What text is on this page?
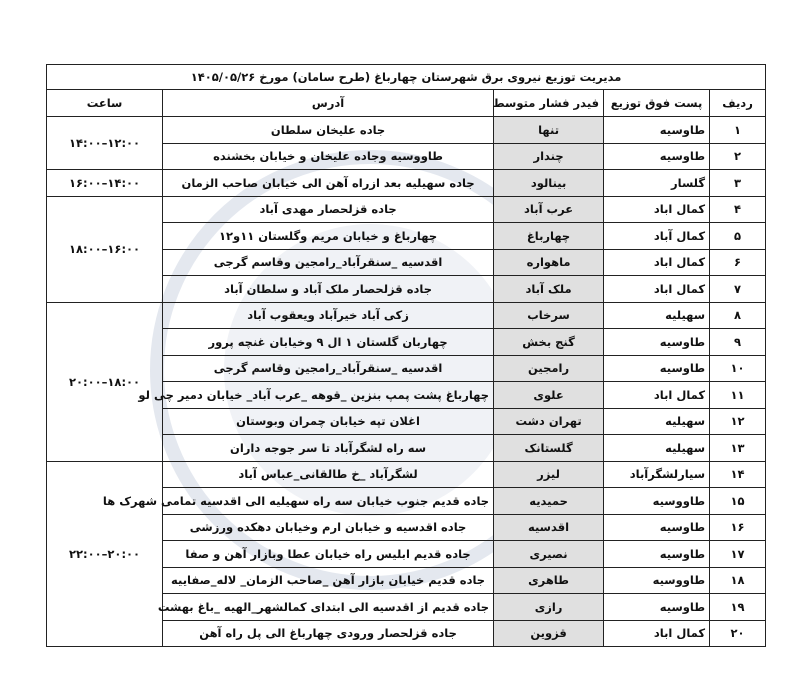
مدیریت توزیع نیروی برق شهرستان چهارباغ (طرح سامان) مورخ ۱۴۰۵/۰۵/۲۶				
ردیف	پست فوق توزیع	فیدر فشار متوسط	آدرس	ساعت
۱	طاوسیه	تنها	جاده علیخان سلطان	۱۲:۰۰–۱۴:۰۰
۲	طاوسیه	چندار	طاووسیه وجاده علیخان و خیابان بخشنده	
۳	گلسار	بینالود	جاده سهیلیه بعد ازراه آهن الی خیابان صاحب الزمان	۱۴:۰۰–۱۶:۰۰
۴	کمال اباد	عرب آباد	جاده قزلحصار مهدی آباد	۱۶:۰۰–۱۸:۰۰
۵	کمال آباد	چهارباغ	چهارباغ و خیابان مریم وگلستان ۱۱و۱۲	
۶	کمال اباد	ماهواره	اقدسیه _سنقرآباد_رامجین وقاسم گرجی	
۷	کمال اباد	ملک آباد	جاده قزلحصار ملک آباد و سلطان آباد	
۸	سهیلیه	سرخاب	زکی آباد خیرآباد ویعقوب آباد	۱۸:۰۰–۲۰:۰۰
۹	طاوسیه	گنج بخش	چهاربان گلستان ۱ ال ۹ وخیابان غنچه پرور	
۱۰	طاوسیه	رامجین	اقدسیه _سنقرآباد_رامجین وقاسم گرجی	
۱۱	کمال اباد	علوی	چهارباغ پشت پمپ بنزین _قوهه _عرب آباد_ خیابان دمیر چی لو	
۱۲	سهیلیه	تهران دشت	اغلان تپه خیابان چمران وبوستان	
۱۳	سهیلیه	گلستانک	سه راه لشگرآباد تا سر جوجه داران	
۱۴	سیارلشگرآباد	لیزر	لشگرآباد _خ طالقانی_عباس آباد	۲۰:۰۰–۲۲:۰۰
۱۵	طاووسیه	حمیدیه	جاده قدیم جنوب خیابان سه راه سهیلیه الی اقدسیه تمامی شهرک ها	
۱۶	طاوسیه	اقدسیه	جاده اقدسیه و خیابان ارم وخیابان دهکده ورزشی	
۱۷	طاوسیه	نصیری	جاده قدیم ابلیس راه خیابان عطا وبازار آهن و صفا	
۱۸	طاووسیه	طاهری	جاده قدیم خیابان بازار آهن _صاحب الزمان_ لاله_صفاییه	
۱۹	طاوسیه	رازی	جاده قدیم از اقدسیه الی ابتدای کمالشهر_الهیه _باغ بهشت	
۲۰	کمال اباد	قزوین	جاده قزلحصار ورودی چهارباغ الی پل راه آهن	
